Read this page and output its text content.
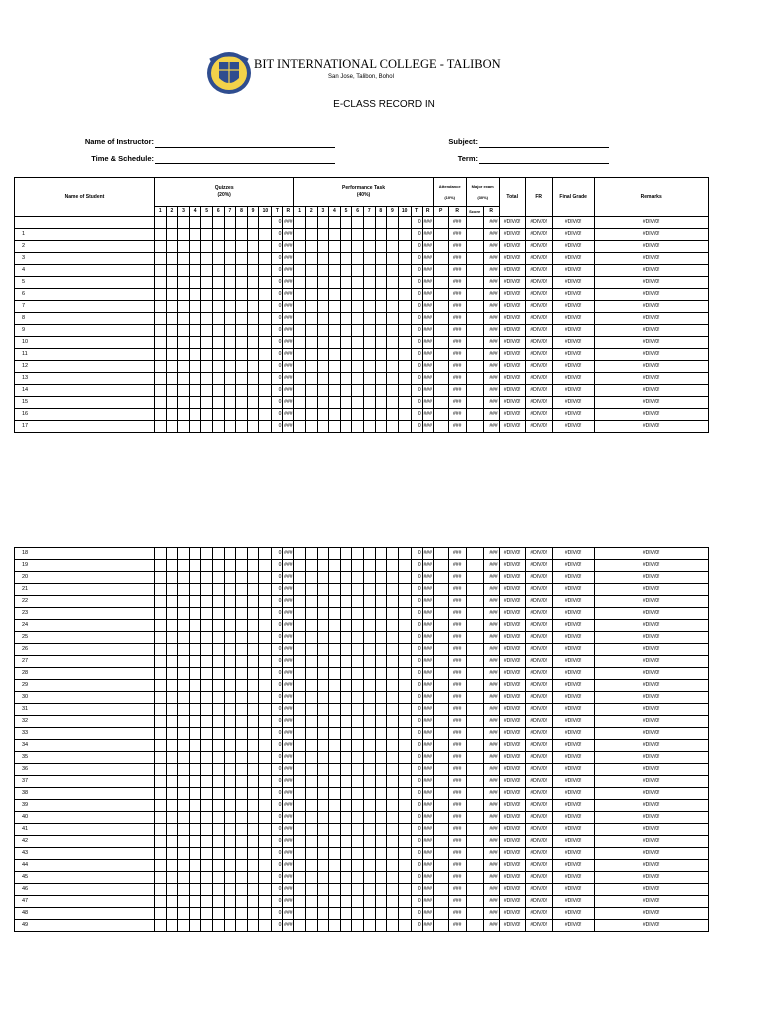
BIT INTERNATIONAL COLLEGE - TALIBON
San Jose, Talibon, Bohol
E-CLASS RECORD IN
Name of Instructor:
Time & Schedule:
Subject:
Term:
Name of Student	Quizzes
(20%)												Performance Task
(40%)												Attendance
(10%)		Major exam
(30%)		Total	FR	Final Grade	Remarks
	1	2	3	4	5	6	7	8	9	10	T	R	1	2	3	4	5	6	7	8	9	10	T	R	P	R	Score	R				
											0	###											0	###		###		###	#DIV/0!	#DIV/0!	#DIV/0!	#DIV/0!
1											0	###											0	###		###		###	#DIV/0!	#DIV/0!	#DIV/0!	#DIV/0!
2											0	###											0	###		###		###	#DIV/0!	#DIV/0!	#DIV/0!	#DIV/0!
3											0	###											0	###		###		###	#DIV/0!	#DIV/0!	#DIV/0!	#DIV/0!
4											0	###											0	###		###		###	#DIV/0!	#DIV/0!	#DIV/0!	#DIV/0!
5											0	###											0	###		###		###	#DIV/0!	#DIV/0!	#DIV/0!	#DIV/0!
6											0	###											0	###		###		###	#DIV/0!	#DIV/0!	#DIV/0!	#DIV/0!
7											0	###											0	###		###		###	#DIV/0!	#DIV/0!	#DIV/0!	#DIV/0!
8											0	###											0	###		###		###	#DIV/0!	#DIV/0!	#DIV/0!	#DIV/0!
9											0	###											0	###		###		###	#DIV/0!	#DIV/0!	#DIV/0!	#DIV/0!
10											0	###											0	###		###		###	#DIV/0!	#DIV/0!	#DIV/0!	#DIV/0!
11											0	###											0	###		###		###	#DIV/0!	#DIV/0!	#DIV/0!	#DIV/0!
12											0	###											0	###		###		###	#DIV/0!	#DIV/0!	#DIV/0!	#DIV/0!
13											0	###											0	###		###		###	#DIV/0!	#DIV/0!	#DIV/0!	#DIV/0!
14											0	###											0	###		###		###	#DIV/0!	#DIV/0!	#DIV/0!	#DIV/0!
15											0	###											0	###		###		###	#DIV/0!	#DIV/0!	#DIV/0!	#DIV/0!
16											0	###											0	###		###		###	#DIV/0!	#DIV/0!	#DIV/0!	#DIV/0!
17											0	###											0	###		###		###	#DIV/0!	#DIV/0!	#DIV/0!	#DIV/0!
18											0	###											0	###		###		###	#DIV/0!	#DIV/0!	#DIV/0!	#DIV/0!
19											0	###											0	###		###		###	#DIV/0!	#DIV/0!	#DIV/0!	#DIV/0!
20											0	###											0	###		###		###	#DIV/0!	#DIV/0!	#DIV/0!	#DIV/0!
21											0	###											0	###		###		###	#DIV/0!	#DIV/0!	#DIV/0!	#DIV/0!
22											0	###											0	###		###		###	#DIV/0!	#DIV/0!	#DIV/0!	#DIV/0!
23											0	###											0	###		###		###	#DIV/0!	#DIV/0!	#DIV/0!	#DIV/0!
24											0	###											0	###		###		###	#DIV/0!	#DIV/0!	#DIV/0!	#DIV/0!
25											0	###											0	###		###		###	#DIV/0!	#DIV/0!	#DIV/0!	#DIV/0!
26											0	###											0	###		###		###	#DIV/0!	#DIV/0!	#DIV/0!	#DIV/0!
27											0	###											0	###		###		###	#DIV/0!	#DIV/0!	#DIV/0!	#DIV/0!
28											0	###											0	###		###		###	#DIV/0!	#DIV/0!	#DIV/0!	#DIV/0!
29											0	###											0	###		###		###	#DIV/0!	#DIV/0!	#DIV/0!	#DIV/0!
30											0	###											0	###		###		###	#DIV/0!	#DIV/0!	#DIV/0!	#DIV/0!
31											0	###											0	###		###		###	#DIV/0!	#DIV/0!	#DIV/0!	#DIV/0!
32											0	###											0	###		###		###	#DIV/0!	#DIV/0!	#DIV/0!	#DIV/0!
33											0	###											0	###		###		###	#DIV/0!	#DIV/0!	#DIV/0!	#DIV/0!
34											0	###											0	###		###		###	#DIV/0!	#DIV/0!	#DIV/0!	#DIV/0!
35											0	###											0	###		###		###	#DIV/0!	#DIV/0!	#DIV/0!	#DIV/0!
36											0	###											0	###		###		###	#DIV/0!	#DIV/0!	#DIV/0!	#DIV/0!
37											0	###											0	###		###		###	#DIV/0!	#DIV/0!	#DIV/0!	#DIV/0!
38											0	###											0	###		###		###	#DIV/0!	#DIV/0!	#DIV/0!	#DIV/0!
39											0	###											0	###		###		###	#DIV/0!	#DIV/0!	#DIV/0!	#DIV/0!
40											0	###											0	###		###		###	#DIV/0!	#DIV/0!	#DIV/0!	#DIV/0!
41											0	###											0	###		###		###	#DIV/0!	#DIV/0!	#DIV/0!	#DIV/0!
42											0	###											0	###		###		###	#DIV/0!	#DIV/0!	#DIV/0!	#DIV/0!
43											0	###											0	###		###		###	#DIV/0!	#DIV/0!	#DIV/0!	#DIV/0!
44											0	###											0	###		###		###	#DIV/0!	#DIV/0!	#DIV/0!	#DIV/0!
45											0	###											0	###		###		###	#DIV/0!	#DIV/0!	#DIV/0!	#DIV/0!
46											0	###											0	###		###		###	#DIV/0!	#DIV/0!	#DIV/0!	#DIV/0!
47											0	###											0	###		###		###	#DIV/0!	#DIV/0!	#DIV/0!	#DIV/0!
48											0	###											0	###		###		###	#DIV/0!	#DIV/0!	#DIV/0!	#DIV/0!
49											0	###											0	###		###		###	#DIV/0!	#DIV/0!	#DIV/0!	#DIV/0!
